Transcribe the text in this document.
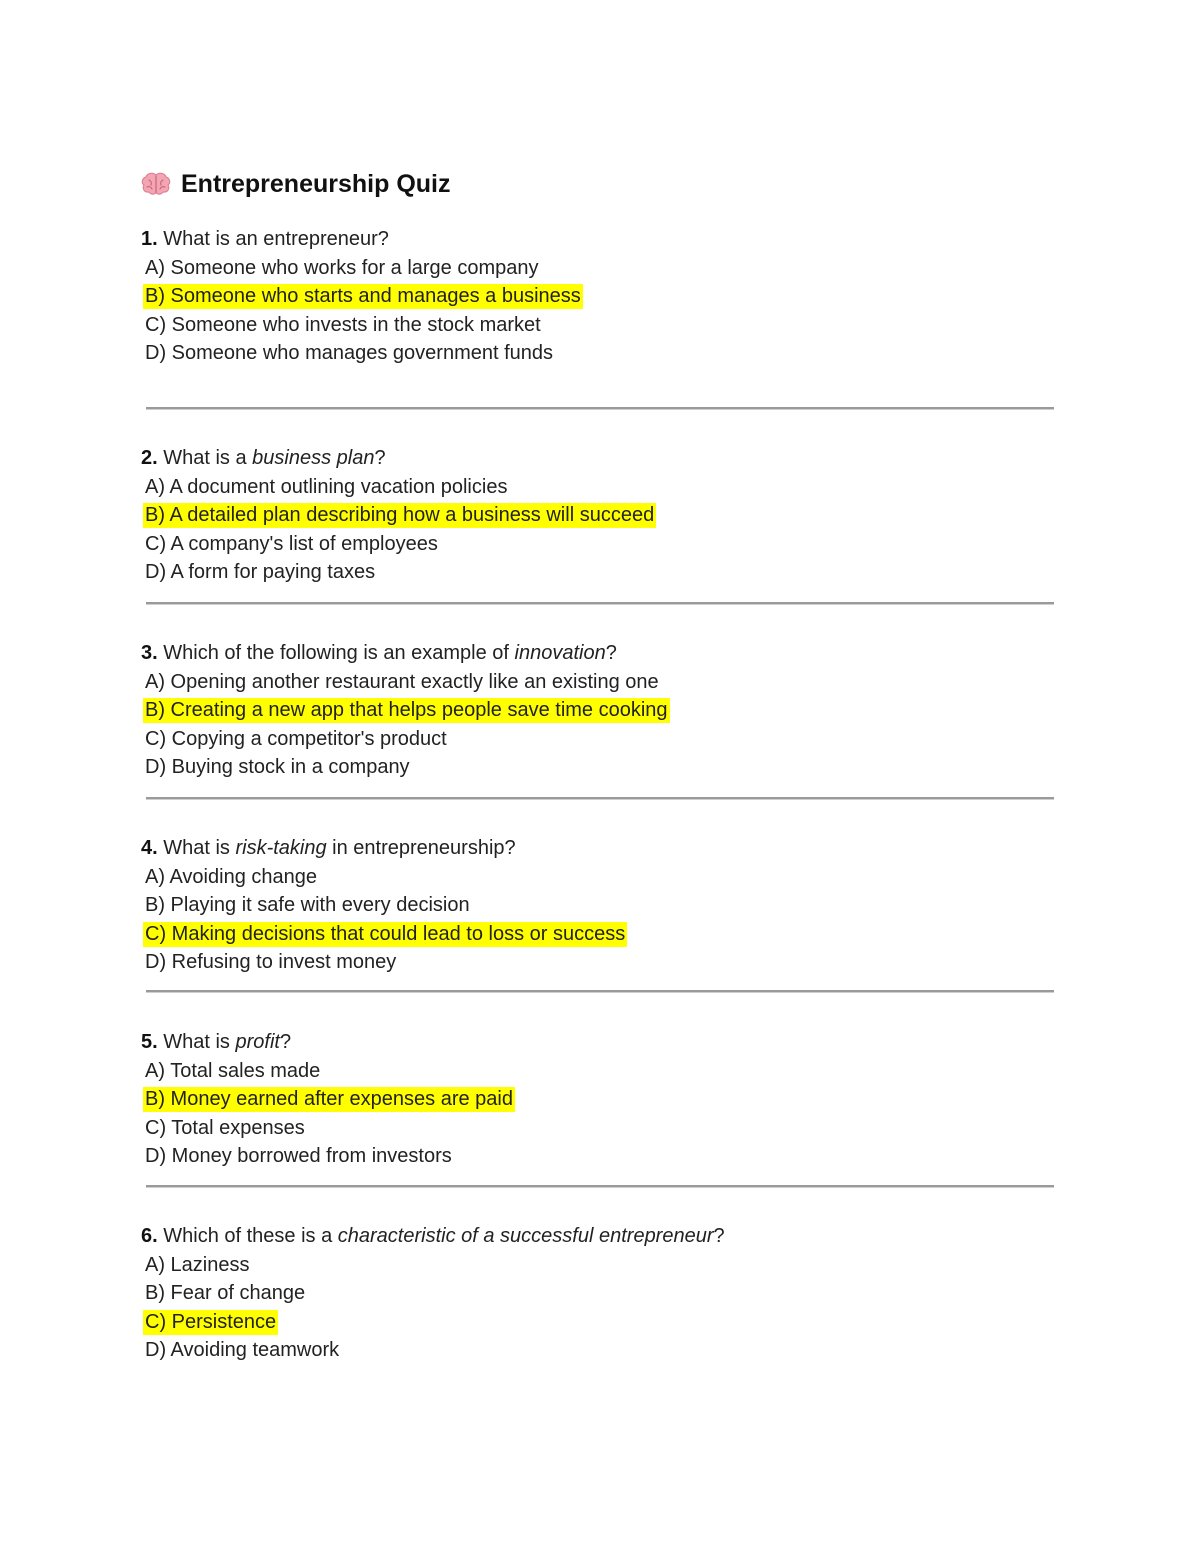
Entrepreneurship Quiz
1. What is an entrepreneur?
A) Someone who works for a large company
B) Someone who starts and manages a business
C) Someone who invests in the stock market
D) Someone who manages government funds
2. What is a business plan?
A) A document outlining vacation policies
B) A detailed plan describing how a business will succeed
C) A company's list of employees
D) A form for paying taxes
3. Which of the following is an example of innovation?
A) Opening another restaurant exactly like an existing one
B) Creating a new app that helps people save time cooking
C) Copying a competitor's product
D) Buying stock in a company
4. What is risk-taking in entrepreneurship?
A) Avoiding change
B) Playing it safe with every decision
C) Making decisions that could lead to loss or success
D) Refusing to invest money
5. What is profit?
A) Total sales made
B) Money earned after expenses are paid
C) Total expenses
D) Money borrowed from investors
6. Which of these is a characteristic of a successful entrepreneur?
A) Laziness
B) Fear of change
C) Persistence
D) Avoiding teamwork
